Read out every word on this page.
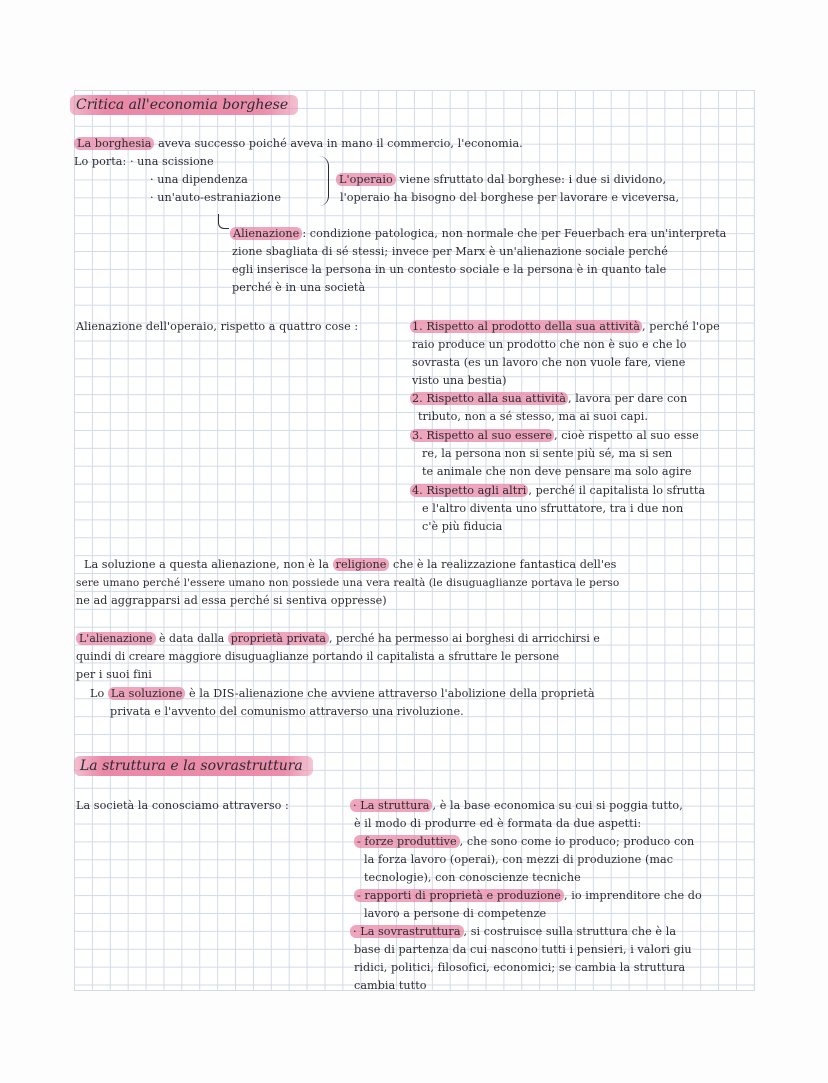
Critica all'economia borghese
La borghesia aveva successo poiché aveva in mano il commercio, l'economia.
Lo porta: · una scissione
· una dipendenza
· un'auto-estraniazione
L'operaio viene sfruttato dal borghese: i due si dividono,
l'operaio ha bisogno del borghese per lavorare e viceversa,
Alienazione : condizione patologica, non normale che per Feuerbach era un'interpreta
zione sbagliata di sé stessi; invece per Marx è un'alienazione sociale perché
egli inserisce la persona in un contesto sociale e la persona è in quanto tale
perché è in una società
Alienazione dell'operaio, rispetto a quattro cose :	1. Rispetto al prodotto della sua attività , perché l'ope
raio produce un prodotto che non è suo e che lo
sovrasta (es un lavoro che non vuole fare, viene
visto una bestia)
2. Rispetto alla sua attività , lavora per dare con
tributo, non a sé stesso, ma ai suoi capi.
3. Rispetto al suo essere , cioè rispetto al suo esse
re, la persona non si sente più sé, ma si sen
te animale che non deve pensare ma solo agire
4. Rispetto agli altri , perché il capitalista lo sfrutta
e l'altro diventa uno sfruttatore, tra i due non
c'è più fiducia
La soluzione a questa alienazione, non è la religione che è la realizzazione fantastica dell'es
sere umano perché l'essere umano non possiede una vera realtà (le disuguaglianze portava le perso
ne ad aggrapparsi ad essa perché si sentiva oppresse)
L'alienazione è data dalla proprietà privata , perché ha permesso ai borghesi di arricchirsi e
quindi di creare maggiore disuguaglianze portando il capitalista a sfruttare le persone
per i suoi fini
Lo La soluzione è la DIS-alienazione che avviene attraverso l'abolizione della proprietà
privata e l'avvento del comunismo attraverso una rivoluzione.
La struttura e la sovrastruttura
La società la conosciamo attraverso :	· La struttura , è la base economica su cui si poggia tutto,
è il modo di produrre ed è formata da due aspetti:
- forze produttive , che sono come io produco; produco con
la forza lavoro (operai), con mezzi di produzione (mac
tecnologie), con conoscienze tecniche
- rapporti di proprietà e produzione , io imprenditore che do
lavoro a persone di competenze
· La sovrastruttura , si costruisce sulla struttura che è la
base di partenza da cui nascono tutti i pensieri, i valori giu
ridici, politici, filosofici, economici; se cambia la struttura
cambia tutto
